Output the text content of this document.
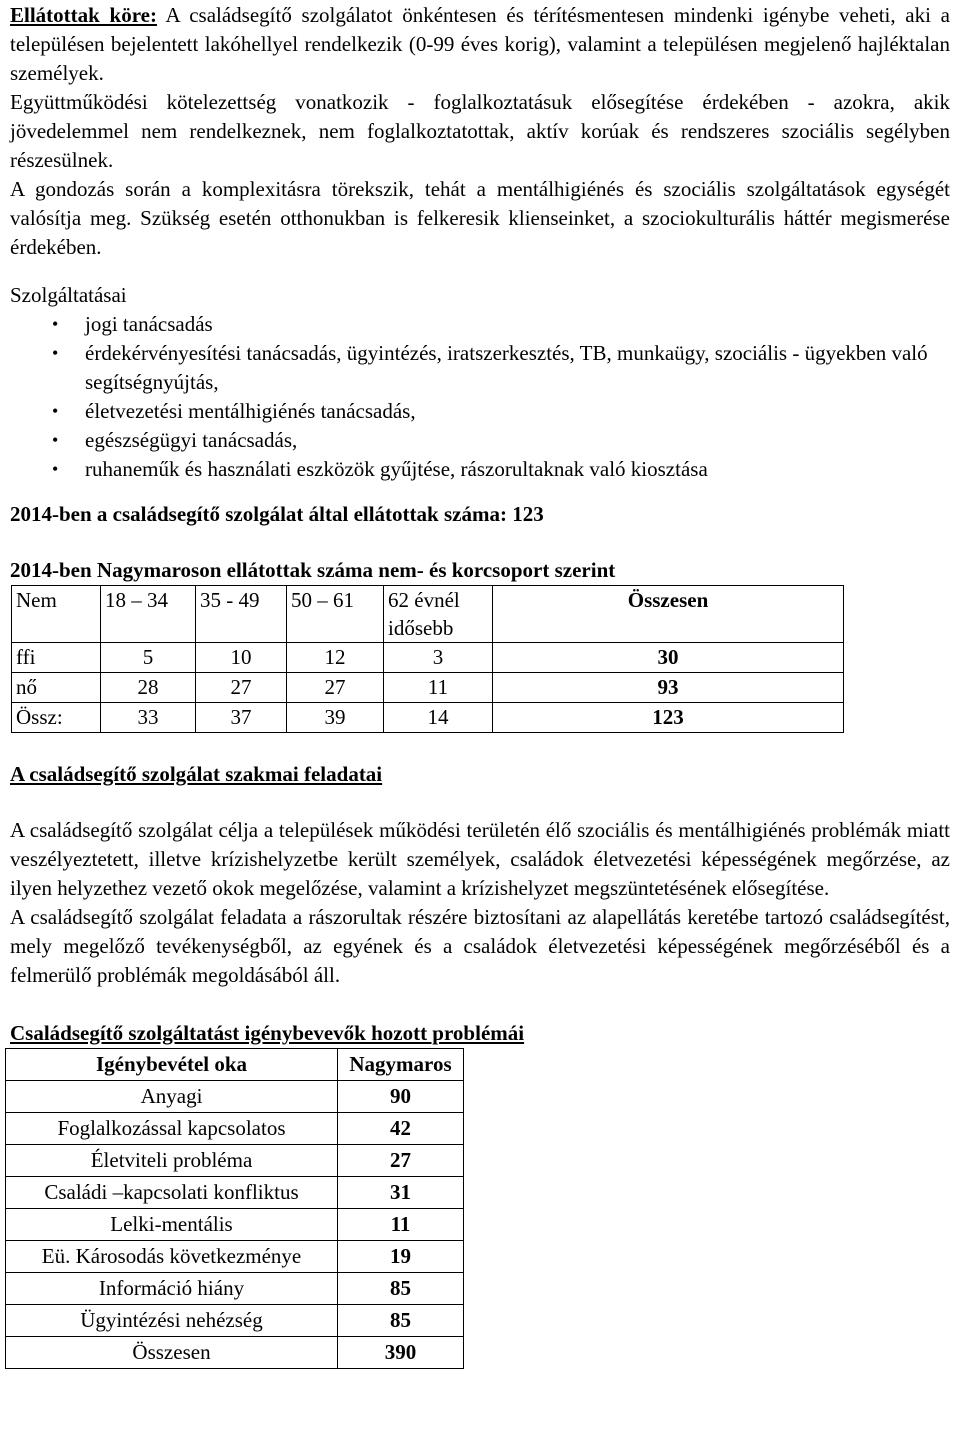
Ellátottak köre: A családsegítő szolgálatot önkéntesen és térítésmentesen mindenki igénybe veheti, aki a településen bejelentett lakóhellyel rendelkezik (0-99 éves korig), valamint a településen megjelenő hajléktalan személyek.

Együttműködési kötelezettség vonatkozik - foglalkoztatásuk elősegítése érdekében - azokra, akik jövedelemmel nem rendelkeznek, nem foglalkoztatottak, aktív korúak és rendszeres szociális segélyben részesülnek.

A gondozás során a komplexitásra törekszik, tehát a mentálhigiénés és szociális szolgáltatások egységét valósítja meg. Szükség esetén otthonukban is felkeresik klienseinket, a szociokulturális háttér megismerése érdekében.

Szolgáltatásai

• jogi tanácsadás
• érdekérvényesítési tanácsadás, ügyintézés, iratszerkesztés, TB, munkaügy, szociális - ügyekben való segítségnyújtás,
• életvezetési mentálhigiénés tanácsadás,
• egészségügyi tanácsadás,
• ruhaneműk és használati eszközök gyűjtése, rászorultaknak való kiosztása

2014-ben a családsegítő szolgálat által ellátottak száma: 123

2014-ben Nagymaroson ellátottak száma nem- és korcsoport szerint

Nem	18 – 34	35 - 49	50 – 61	62 évnél idősebb	Összesen
ffi	5	10	12	3	30
nő	28	27	27	11	93
Össz:	33	37	39	14	123

A családsegítő szolgálat szakmai feladatai

A családsegítő szolgálat célja a települések működési területén élő szociális és mentálhigiénés problémák miatt veszélyeztetett, illetve krízishelyzetbe került személyek, családok életvezetési képességének megőrzése, az ilyen helyzethez vezető okok megelőzése, valamint a krízishelyzet megszüntetésének elősegítése.

A családsegítő szolgálat feladata a rászorultak részére biztosítani az alapellátás keretébe tartozó családsegítést, mely megelőző tevékenységből, az egyének és a családok életvezetési képességének megőrzéséből és a felmerülő problémák megoldásából áll.

Családsegítő szolgáltatást igénybevevők hozott problémái

Igénybevétel oka	Nagymaros
Anyagi	90
Foglalkozással kapcsolatos	42
Életviteli probléma	27
Családi –kapcsolati konfliktus	31
Lelki-mentális	11
Eü. Károsodás következménye	19
Információ hiány	85
Ügyintézési nehézség	85
Összesen	390
